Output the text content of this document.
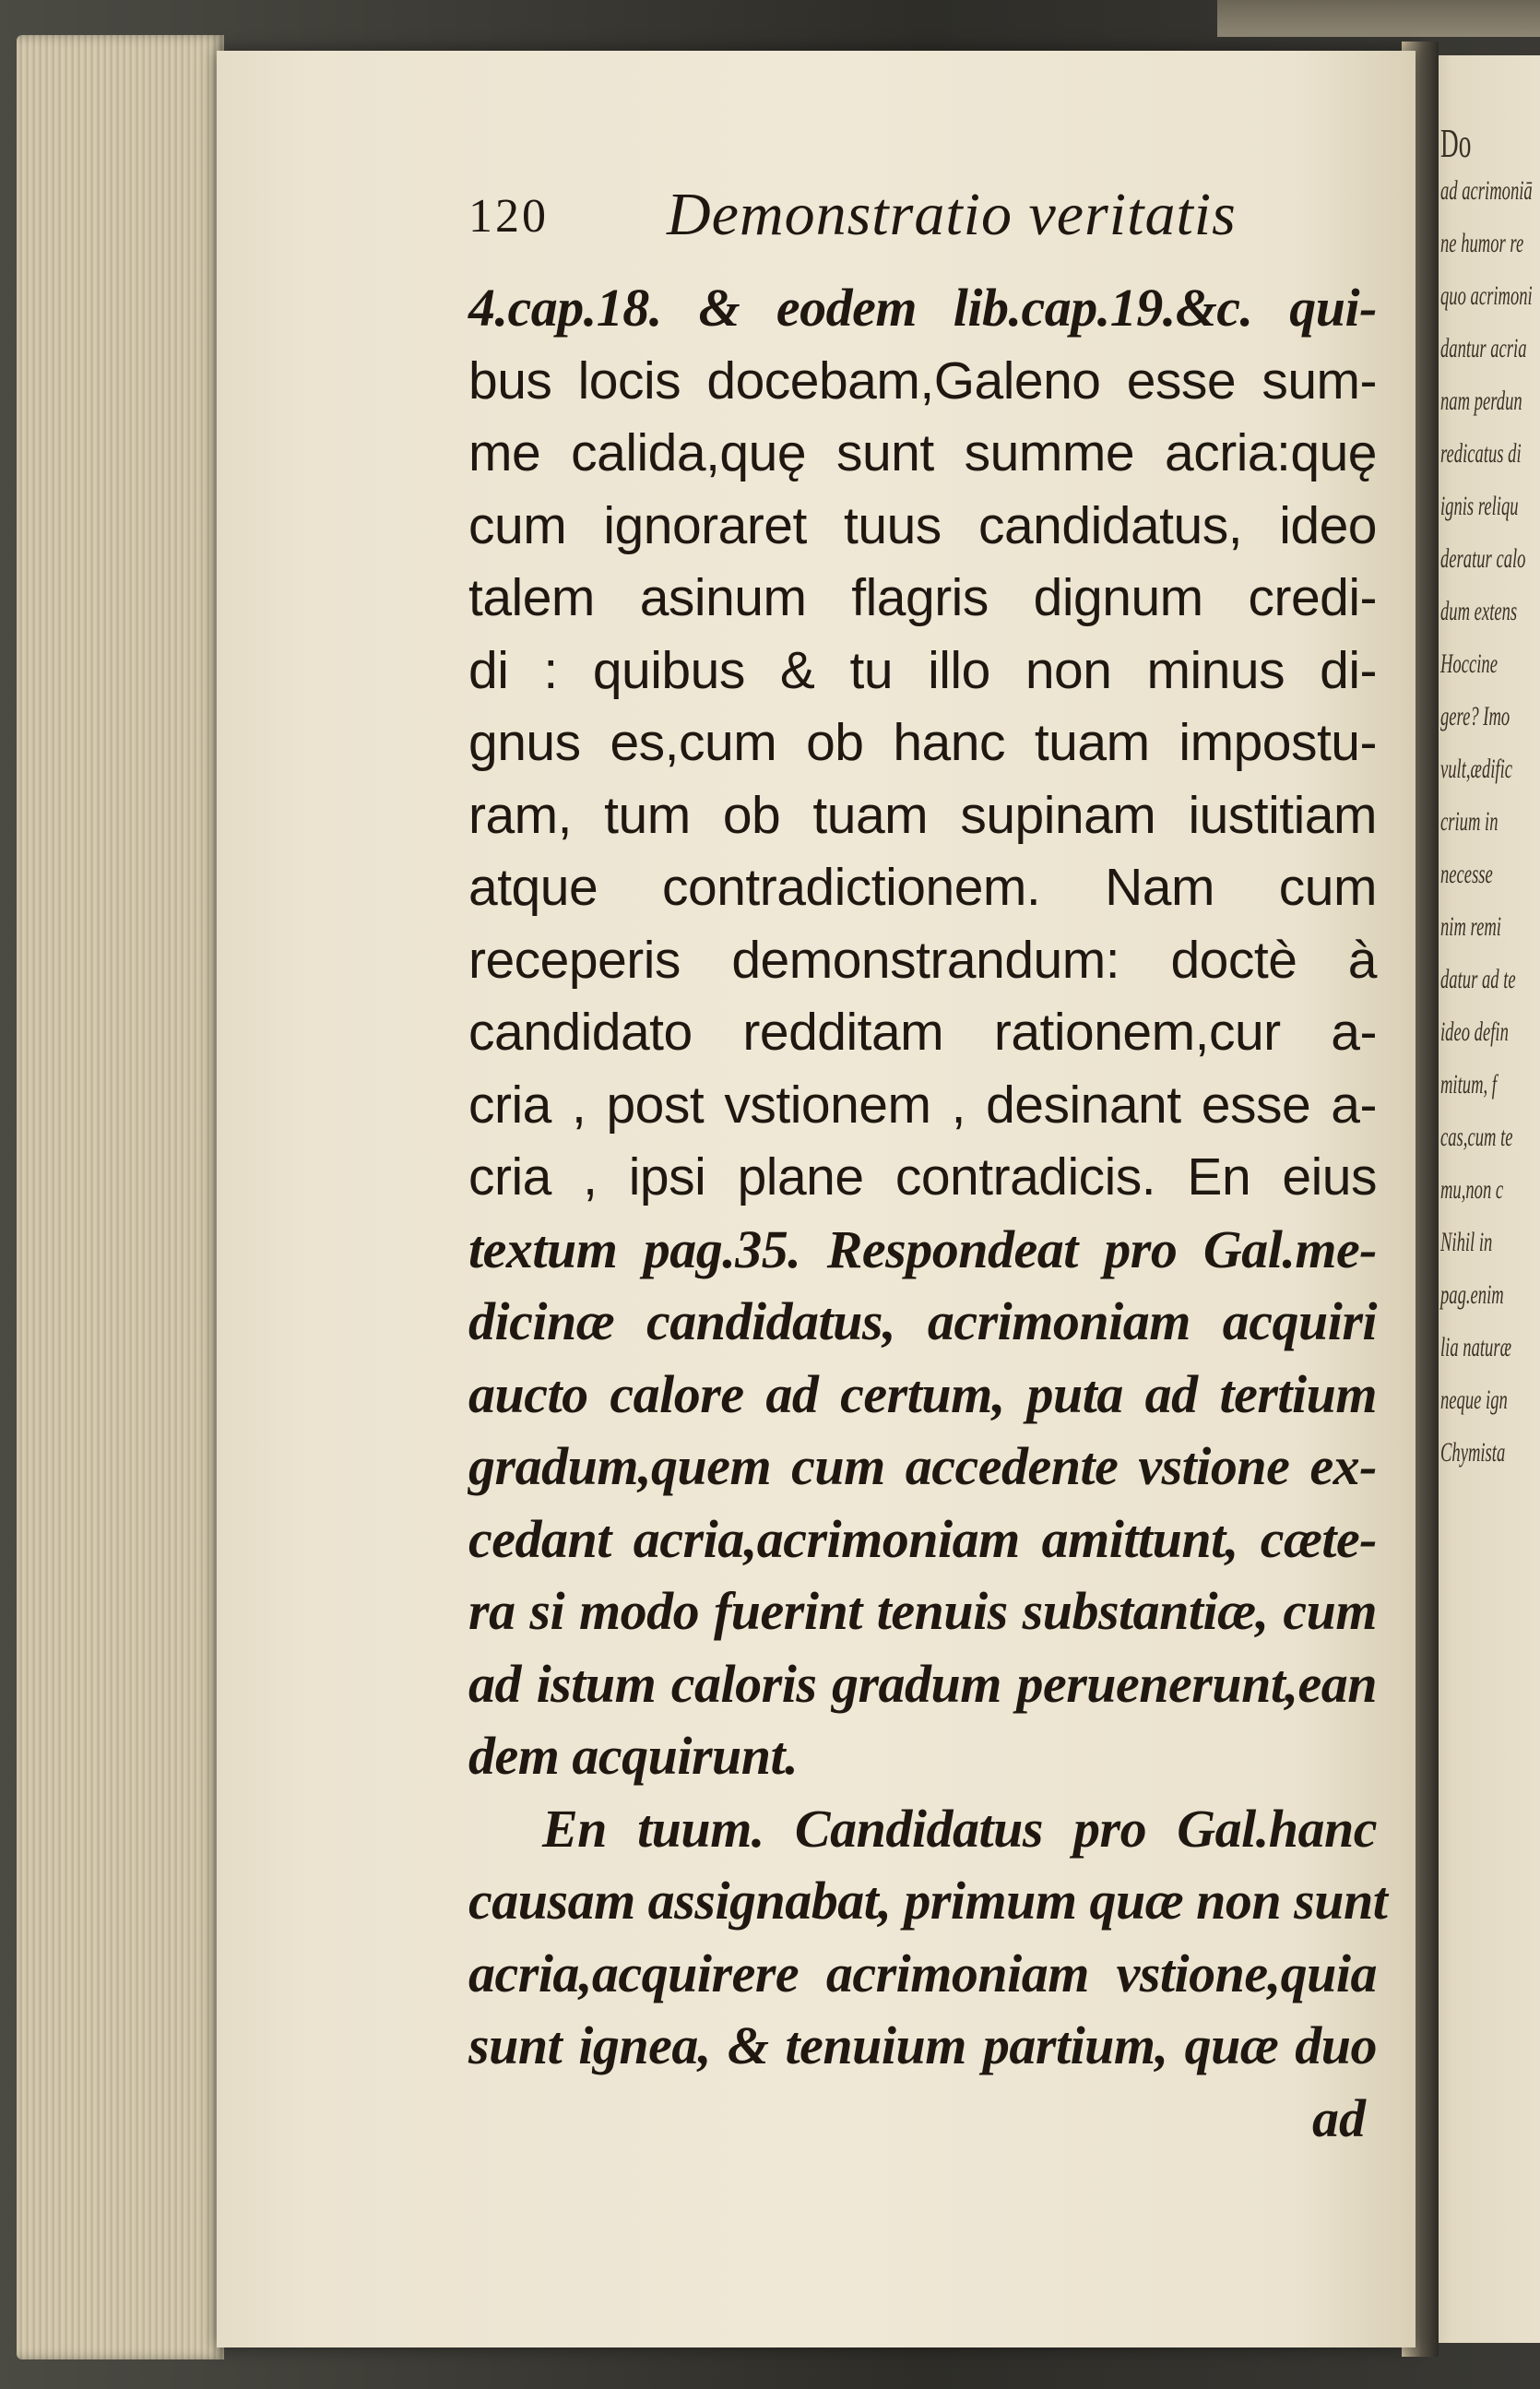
Do
ad acrimoniā
ne humor re
quo acrimoni
dantur acria
nam perdun
redicatus di
ignis reliqu
deratur calo
dum extens
Hoccine
gere? Imo
vult,ædific
crium in
necesse
nim remi
datur ad te
ideo defin
mitum, f
cas,cum te
mu,non c
Nihil in
pag.enim
lia naturæ
neque ign
Chymista
120 Demonstratio veritatis
4.cap.18. & eodem lib.cap.19.&c. qui-
bus locis docebam,Galeno esse sum-
me calida,quę sunt summe acria:quę
cum ignoraret tuus candidatus, ideo
talem asinum flagris dignum credi-
di : quibus & tu illo non minus di-
gnus es,cum ob hanc tuam impostu-
ram, tum ob tuam supinam iustitiam
atque contradictionem. Nam cum
receperis demonstrandum: doctè à
candidato redditam rationem,cur a-
cria , post vstionem , desinant esse a-
cria , ipsi plane contradicis. En eius
textum pag.35. Respondeat pro Gal.me-
dicinæ candidatus, acrimoniam acquiri
aucto calore ad certum, puta ad tertium
gradum,quem cum accedente vstione ex-
cedant acria,acrimoniam amittunt, cæte-
ra si modo fuerint tenuis substantiæ, cum
ad istum caloris gradum peruenerunt,ean
dem acquirunt.
En tuum. Candidatus pro Gal.hanc
causam assignabat, primum quæ non sunt
acria,acquirere acrimoniam vstione,quia
sunt ignea, & tenuium partium, quæ duo
ad
